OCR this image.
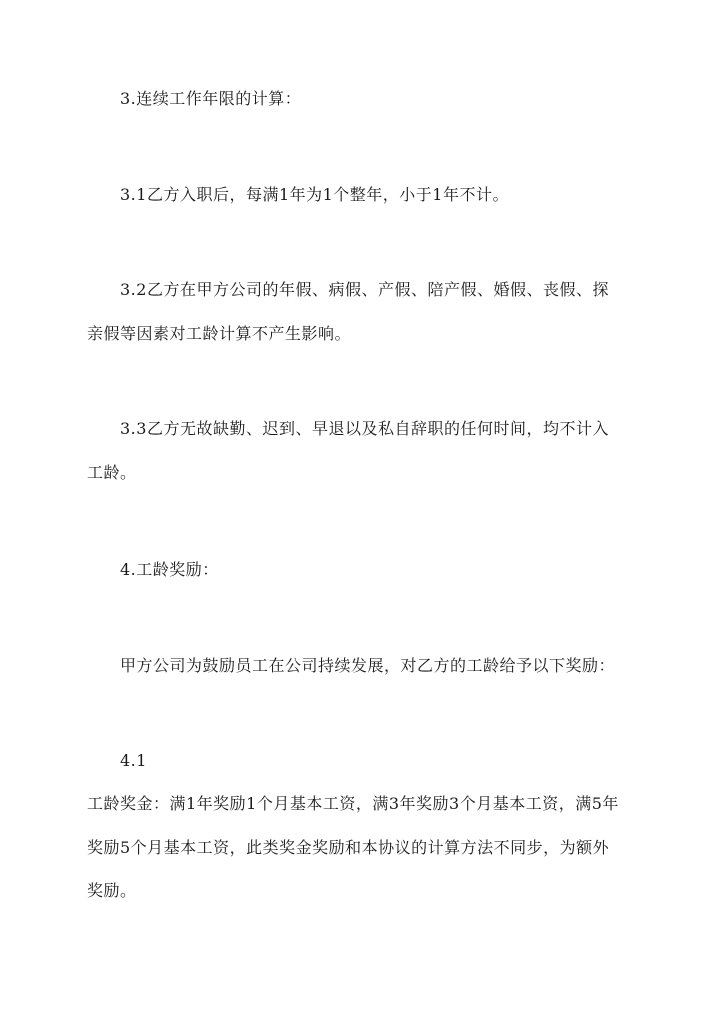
3.连续工作年限的计算：

3.1乙方入职后，每满1年为1个整年，小于1年不计。

3.2乙方在甲方公司的年假、病假、产假、陪产假、婚假、丧假、探

亲假等因素对工龄计算不产生影响。

3.3乙方无故缺勤、迟到、早退以及私自辞职的任何时间，均不计入

工龄。

4.工龄奖励：

甲方公司为鼓励员工在公司持续发展，对乙方的工龄给予以下奖励：

4.1

工龄奖金：满1年奖励1个月基本工资，满3年奖励3个月基本工资，满5年

奖励5个月基本工资，此类奖金奖励和本协议的计算方法不同步，为额外

奖励。
